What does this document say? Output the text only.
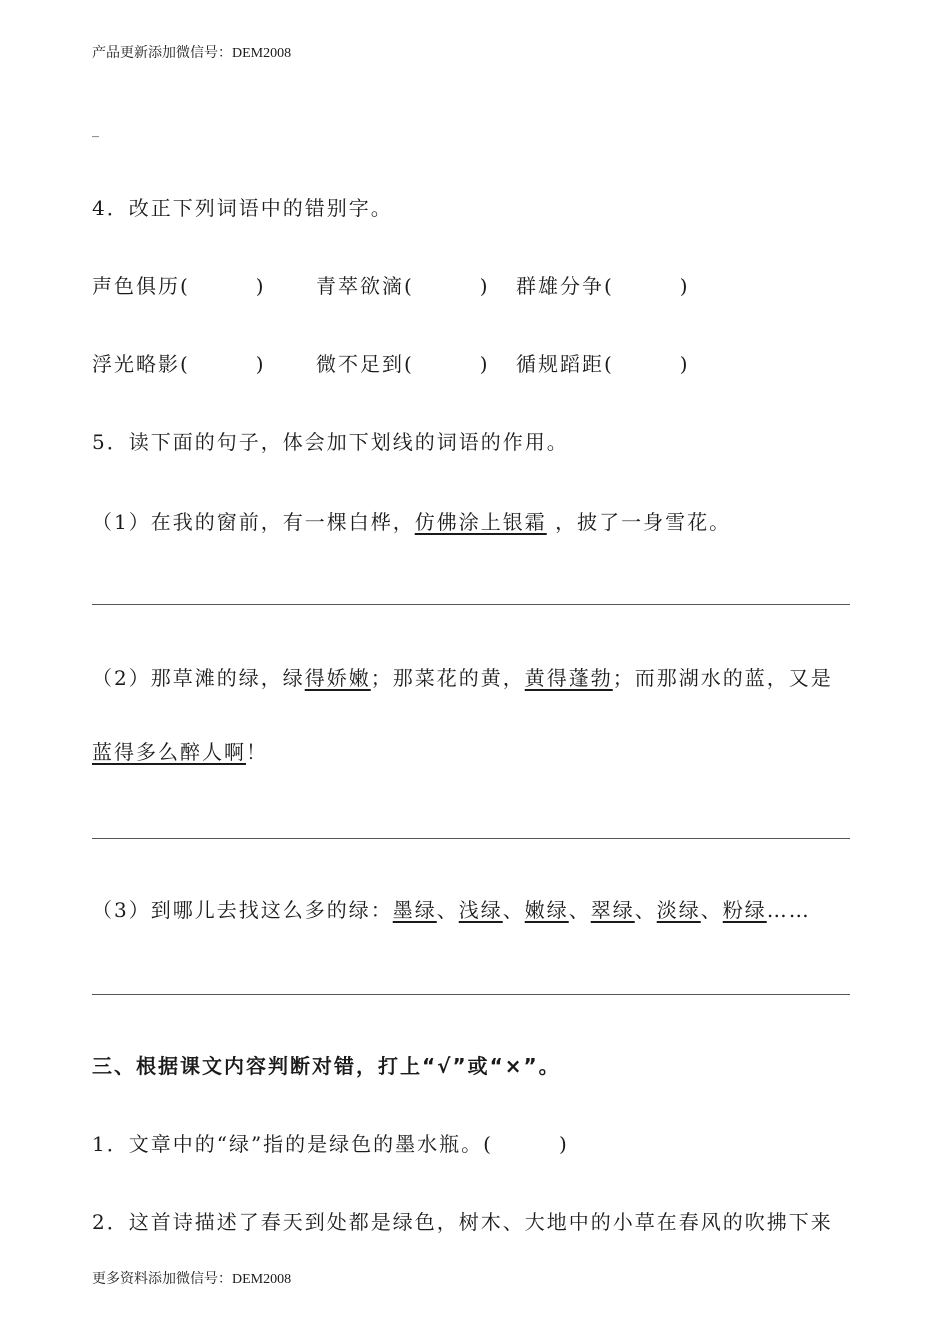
产品更新添加微信号：DEM2008
_
4．改正下列词语中的错别字。
声色俱历(　　　)	青萃欲滴(　　　) 群雄分争(　　　)
浮光略影(　　　)	微不足到(　　　) 循规蹈距(　　　)
5．读下面的句子，体会加下划线的词语的作用。
（1）在我的窗前，有一棵白桦，仿佛涂上银霜 ，披了一身雪花。
（2）那草滩的绿，绿得娇嫩；那菜花的黄，黄得蓬勃；而那湖水的蓝，又是
蓝得多么醉人啊！
（3）到哪儿去找这么多的绿：墨绿、浅绿、嫩绿、翠绿、淡绿、粉绿……
三、根据课文内容判断对错，打上“√”或“×”。
1．文章中的“绿”指的是绿色的墨水瓶。(　　　)
2．这首诗描述了春天到处都是绿色，树木、大地中的小草在春风的吹拂下来
更多资料添加微信号：DEM2008
